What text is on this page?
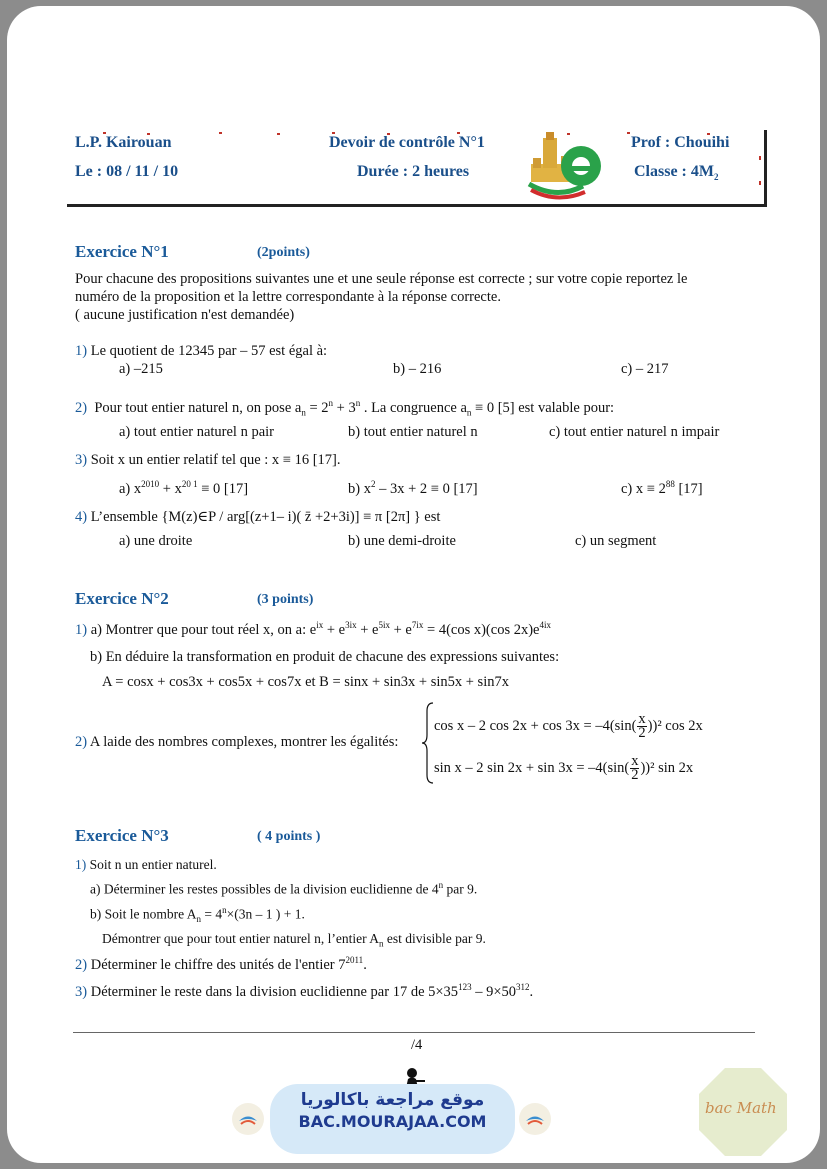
L.P. Kairouan
Le : 08 / 11 / 10
Devoir de contrôle N°1
Durée : 2 heures
Prof : Chouihi
Classe : $4M_2$
Exercice N°1	(2points)
Pour chacune des propositions suivantes une et une seule réponse est correcte ; sur votre copie reportez le
numéro de la proposition et la lettre correspondante à la réponse correcte.
( aucune justification n'est demandée)
1) Le quotient de 12345 par – 57 est égal à:
a) –215	b) – 216	c) – 217
2) Pour tout entier naturel n, on pose $a_n = 2^n + 3^n$ . La congruence $a_n \equiv 0$ [5] est valable pour:
a) tout entier naturel n pair	b) tout entier naturel n	c) tout entier naturel n impair
3) Soit x un entier relatif tel que : x ≡ 16 [17].
a) $x^{2010} + x^{20 1} \equiv 0$ [17]	b) $x^2 - 3x + 2 \equiv 0$ [17]	c) $x \equiv 2^{88}$ [17]
4) L’ensemble {M(z)∈P / arg[(z+1– i)( z̄ +2+3i)] ≡ π [2π] } est
a) une droite	b) une demi-droite	c) un segment
Exercice N°2	(3 points)
1) a) Montrer que pour tout réel x, on a: $e^{ix} + e^{3ix} + e^{5ix} + e^{7ix} = 4(\cos$ x)(cos $2x)e^{4ix}$
b) En déduire la transformation en produit de chacune des expressions suivantes:
A = cosx + cos3x + cos5x + cos7x et B = sinx + sin3x + sin5x + sin7x
2) A laide des nombres complexes, montrer les égalités:
cos x – 2 $\cos 2x + \cos 3x = -4(\sin( \frac{x}{2} ))^2$ cos 2x
sin x – 2 $\sin 2x + \sin 3x = -4(\sin( \frac{x}{2} ))^2$ sin 2x
Exercice N°3	( 4 points )
1) Soit n un entier naturel.
a) Déterminer les restes possibles de la division euclidienne de 4$^n$ par 9.
b) Soit le nombre $A_n = 4^n\times(3n - 1$ ) + 1.
Démontrer que pour tout entier naturel n, l’entier $A_n$ est divisible par 9.
2) Déterminer le chiffre des unités de l'entier $7^{2011}$.
3) Déterminer le reste dans la division euclidienne par 17 de $5\times 35^{123} - 9\times 50^{312}$.
/4
موقع مراجعة باكالوريا
BAC.MOURAJAA.COM
bac Math
